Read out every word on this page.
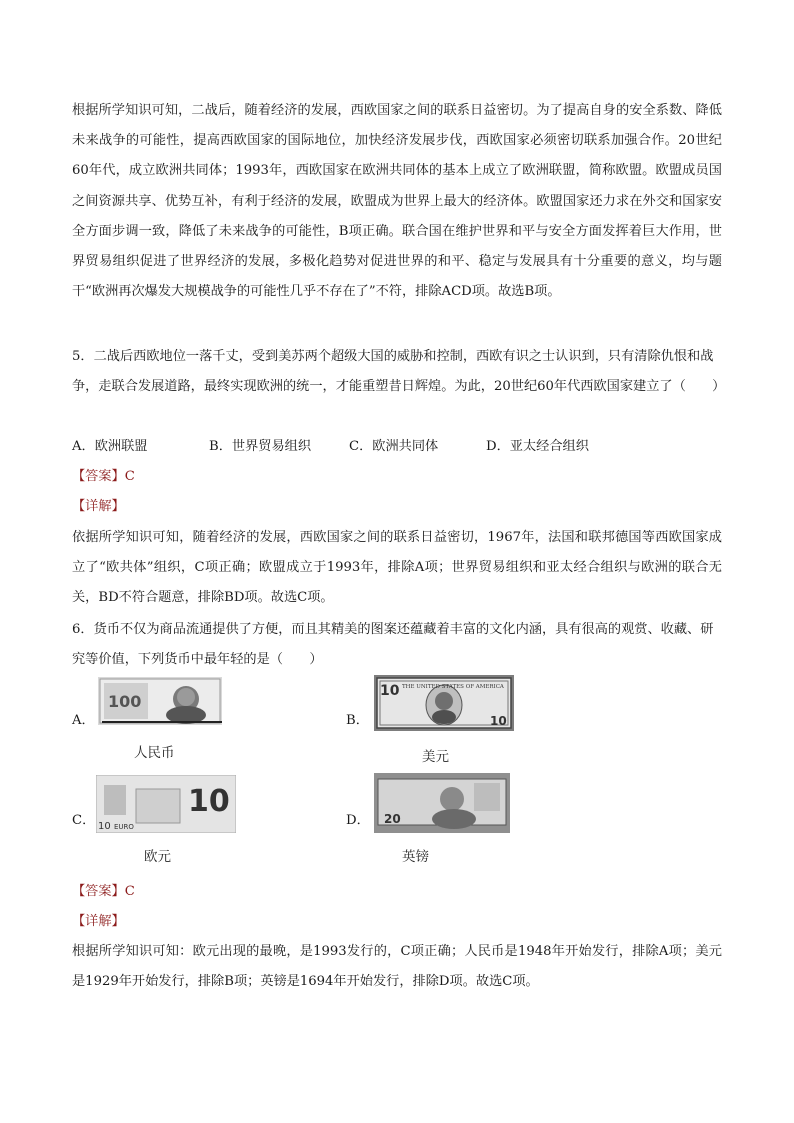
根据所学知识可知，二战后，随着经济的发展，西欧国家之间的联系日益密切。为了提高自身的安全系数、降低未来战争的可能性，提高西欧国家的国际地位，加快经济发展步伐，西欧国家必须密切联系加强合作。20世纪60年代，成立欧洲共同体；1993年，西欧国家在欧洲共同体的基本上成立了欧洲联盟，简称欧盟。欧盟成员国之间资源共享、优势互补，有利于经济的发展，欧盟成为世界上最大的经济体。欧盟国家还力求在外交和国家安全方面步调一致，降低了未来战争的可能性，B项正确。联合国在维护世界和平与安全方面发挥着巨大作用，世界贸易组织促进了世界经济的发展，多极化趋势对促进世界的和平、稳定与发展具有十分重要的意义，均与题干“欧洲再次爆发大规模战争的可能性几乎不存在了”不符，排除ACD项。故选B项。

5．二战后西欧地位一落千丈，受到美苏两个超级大国的威胁和控制，西欧有识之士认识到，只有清除仇恨和战争，走联合发展道路，最终实现欧洲的统一，才能重塑昔日辉煌。为此，20世纪60年代西欧国家建立了（　　）

A．欧洲联盟	B．世界贸易组织	C．欧洲共同体	D．亚太经合组织

【答案】C

【详解】

依据所学知识可知，随着经济的发展，西欧国家之间的联系日益密切，1967年，法国和联邦德国等西欧国家成立了“欧共体”组织，C项正确；欧盟成立于1993年，排除A项；世界贸易组织和亚太经合组织与欧洲的联合无关，BD不符合题意，排除BD项。故选C项。

6．货币不仅为商品流通提供了方便，而且其精美的图案还蕴藏着丰富的文化内涵，具有很高的观赏、收藏、研究等价值，下列货币中最年轻的是（　　）

A．
100
人民币
B．
10
10
THE UNITED STATES OF AMERICA
美元
C．
10
10 EURO
欧元
D． 20
英镑

【答案】C

【详解】

根据所学知识可知：欧元出现的最晚，是1993发行的，C项正确；人民币是1948年开始发行，排除A项；美元是1929年开始发行，排除B项；英镑是1694年开始发行，排除D项。故选C项。
